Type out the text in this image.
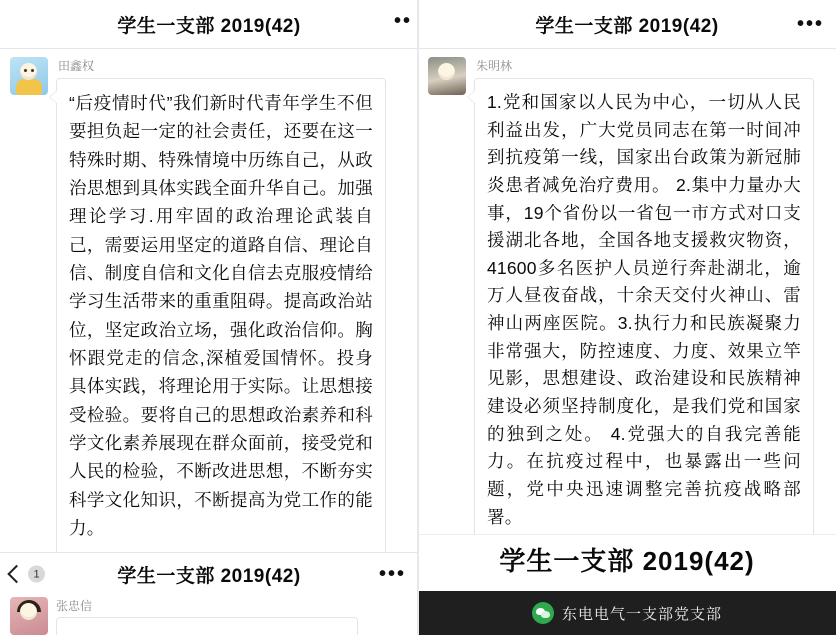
学生一支部 2019(42)
田鑫权
“后疫情时代”我们新时代青年学生不但要担负起一定的社会责任，还要在这一特殊时期、特殊情境中历练自己，从政治思想到具体实践全面升华自己。加强理论学习.用牢固的政治理论武装自己，需要运用坚定的道路自信、理论自信、制度自信和文化自信去克服疫情给学习生活带来的重重阻碍。提高政治站位，坚定政治立场，强化政治信仰。胸怀跟党走的信念,深植爱国情怀。投身具体实践，将理论用于实际。让思想接受检验。要将自己的思想政治素养和科学文化素养展现在群众面前，接受党和人民的检验，不断改进思想，不断夯实科学文化知识，不断提高为党工作的能力。
1	学生一支部 2019(42)	•••
张忠信
••	学生一支部 2019(42)	•••
朱明林
1.党和国家以人民为中心，一切从人民利益出发，广大党员同志在第一时间冲到抗疫第一线，国家出台政策为新冠肺炎患者减免治疗费用。 2.集中力量办大事，19个省份以一省包一市方式对口支援湖北各地，全国各地支援救灾物资，41600多名医护人员逆行奔赴湖北，逾万人昼夜奋战，十余天交付火神山、雷神山两座医院。3.执行力和民族凝聚力非常强大，防控速度、力度、效果立竿见影，思想建设、政治建设和民族精神建设必须坚持制度化，是我们党和国家的独到之处。 4.党强大的自我完善能力。在抗疫过程中，也暴露出一些问题，党中央迅速调整完善抗疫战略部署。
学生一支部 2019(42)
东电电气一支部党支部
